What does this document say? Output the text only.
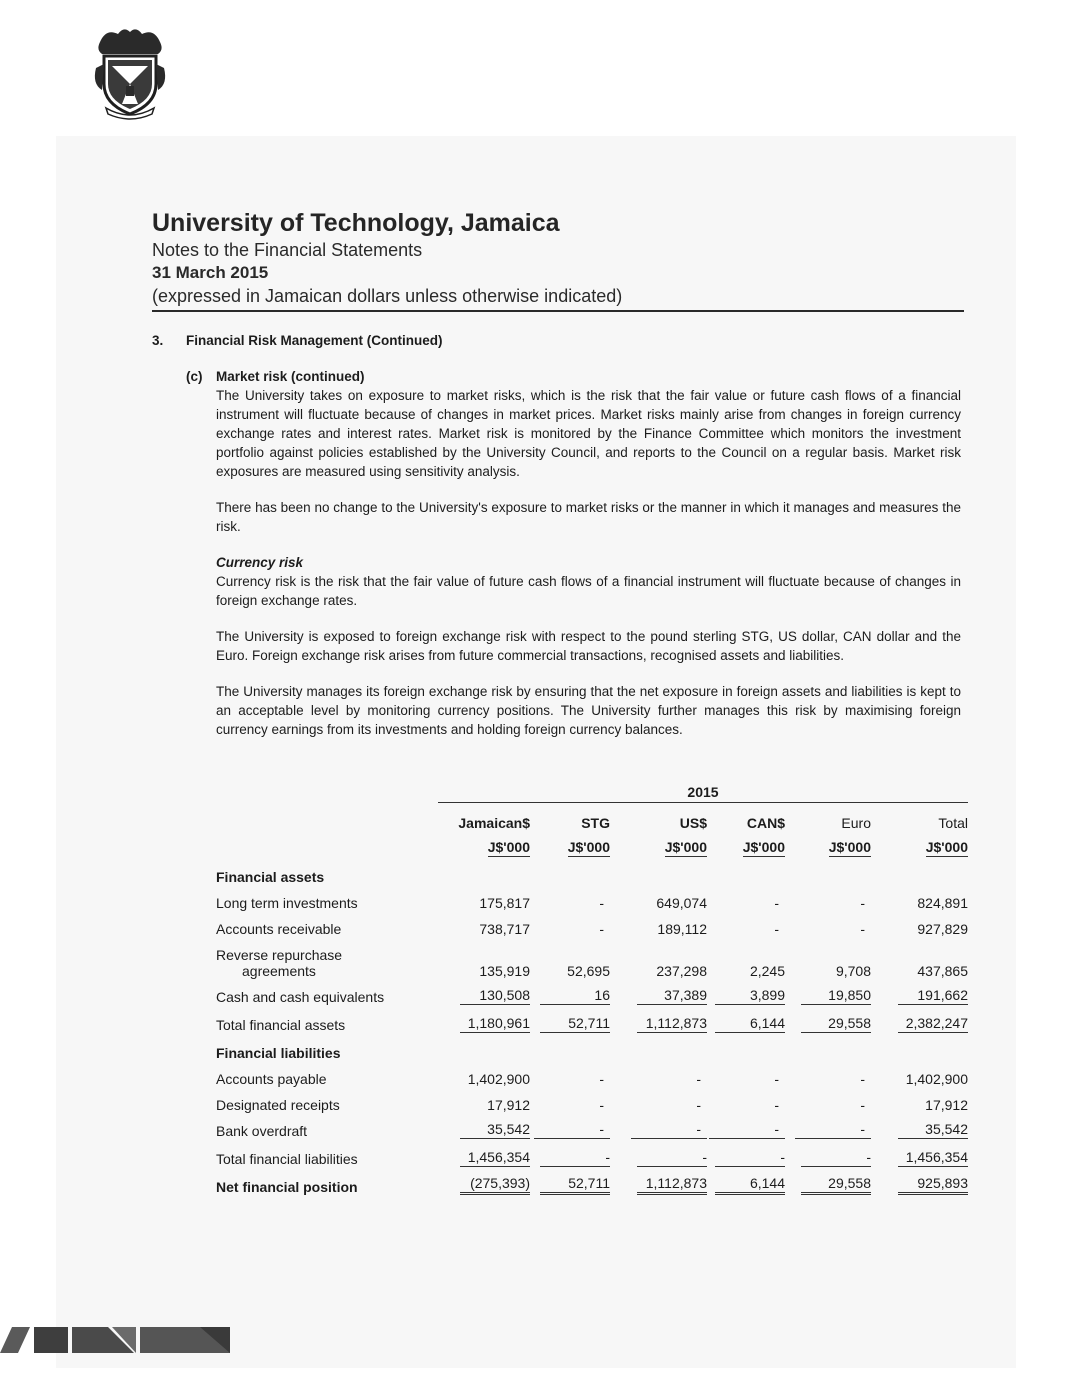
University of Technology, Jamaica
Notes to the Financial Statements
31 March 2015
(expressed in Jamaican dollars unless otherwise indicated)
3.	Financial Risk Management (Continued)
(c)	Market risk (continued)

The University takes on exposure to market risks, which is the risk that the fair value or future cash flows of a financial instrument will fluctuate because of changes in market prices. Market risks mainly arise from changes in foreign currency exchange rates and interest rates. Market risk is monitored by the Finance Committee which monitors the investment portfolio against policies established by the University Council, and reports to the Council on a regular basis. Market risk exposures are measured using sensitivity analysis.

There has been no change to the University's exposure to market risks or the manner in which it manages and measures the risk.

Currency risk

Currency risk is the risk that the fair value of future cash flows of a financial instrument will fluctuate because of changes in foreign exchange rates.

The University is exposed to foreign exchange risk with respect to the pound sterling STG, US dollar, CAN dollar and the Euro. Foreign exchange risk arises from future commercial transactions, recognised assets and liabilities.

The University manages its foreign exchange risk by ensuring that the net exposure in foreign assets and liabilities is kept to an acceptable level by monitoring currency positions. The University further manages this risk by maximising foreign currency earnings from its investments and holding foreign currency balances.

	2015					
	Jamaican$	STG	US$	CAN$	Euro	Total
	J$'000	J$'000	J$'000	J$'000	J$'000	J$'000
Financial assets						
Long term investments	175,817	-	649,074	-	-	824,891
Accounts receivable	738,717	-	189,112	-	-	927,829

Reverse repurchase
agreements	135,919	52,695	237,298	2,245	9,708	437,865
Cash and cash equivalents	130,508	16	37,389	3,899	19,850	191,662
Total financial assets	1,180,961	52,711	1,112,873	6,144	29,558	2,382,247
Financial liabilities						
Accounts payable	1,402,900	-	-	-	-	1,402,900
Designated receipts	17,912	-	-	-	-	17,912
Bank overdraft	35,542	-	-	-	-	35,542
Total financial liabilities	1,456,354	-	-	-	-	1,456,354
Net financial position	(275,393)	52,711	1,112,873	6,144	29,558	925,893
